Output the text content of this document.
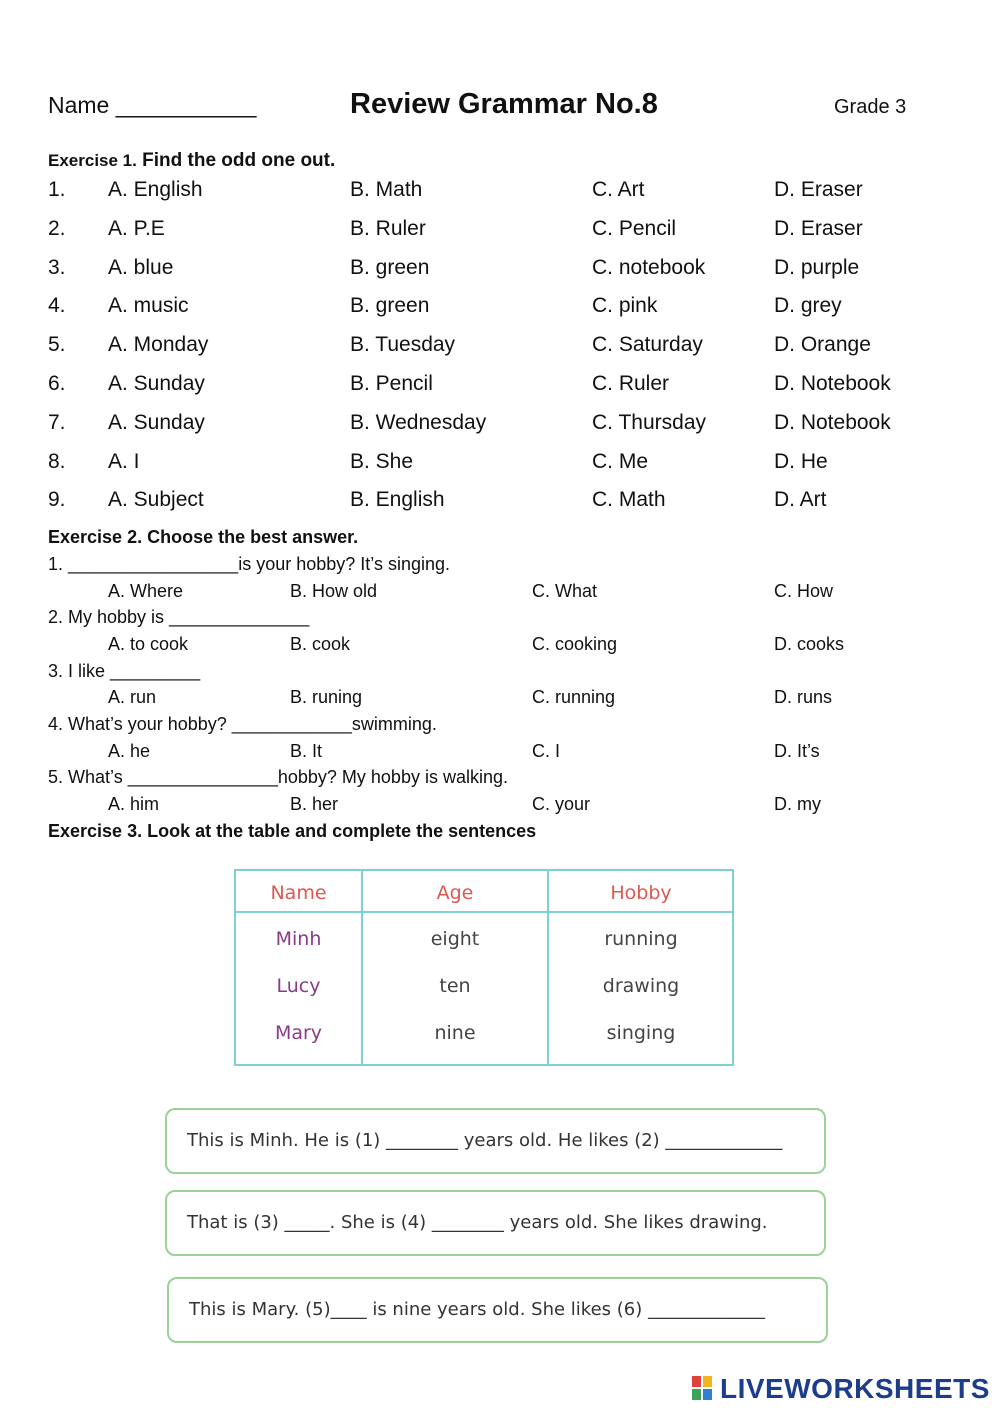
Name ___________	Review Grammar No.8	Grade 3
Exercise 1. Find the odd one out.
1. A. English	B. Math	C. Art	D. Eraser
2. A. P.E	B. Ruler	C. Pencil	D. Eraser
3. A. blue	B. green	C. notebook	D. purple
4. A. music	B. green	C. pink	D. grey
5. A. Monday	B. Tuesday	C. Saturday	D. Orange
6. A. Sunday	B. Pencil	C. Ruler	D. Notebook
7. A. Sunday	B. Wednesday	C. Thursday	D. Notebook
8. A. I	B. She	C. Me	D. He
9. A. Subject	B. English	C. Math	D. Art
Exercise 2. Choose the best answer.
1. _________________is your hobby? It’s singing.
A. Where	B. How old	C. What	C. How
2. My hobby is ______________
A. to cook	B. cook	C. cooking	D. cooks
3. I like _________
A. run	B. runing	C. running	D. runs
4. What’s your hobby? ____________swimming.
A. he	B. It	C. I	D. It’s
5. What’s _______________hobby? My hobby is walking.
A. him	B. her	C. your	D. my
Exercise 3. Look at the table and complete the sentences
Name	Age	Hobby
Minh	eight	running
Lucy	ten	drawing
Mary	nine	singing
This is Minh. He is (1) ________ years old. He likes (2) _____________
That is (3) _____. She is (4) ________ years old. She likes drawing.
This is Mary. (5)____ is nine years old. She likes (6) _____________
LIVEWORKSHEETS
